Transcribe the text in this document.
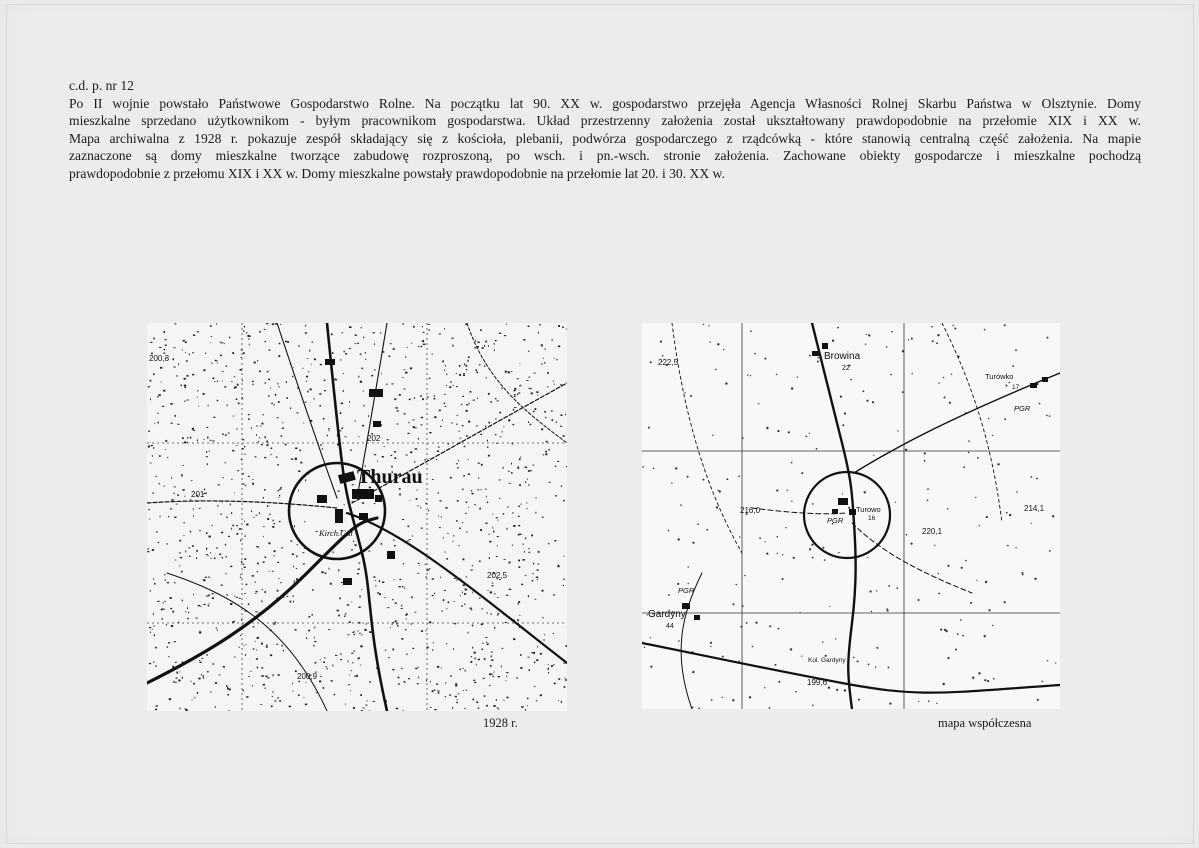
c.d. p. nr 12
Po II wojnie powstało Państwowe Gospodarstwo Rolne. Na początku lat 90. XX w. gospodarstwo przejęła Agencja Własności Rolnej Skarbu Państwa w Olsztynie. Domy
mieszkalne sprzedano użytkownikom - byłym pracownikom gospodarstwa. Układ przestrzenny założenia został ukształtowany prawdopodobnie na przełomie XIX i XX w.
Mapa archiwalna z 1928 r. pokazuje zespół składający się z kościoła, plebanii, podwórza gospodarczego z rządcówką - które stanowią centralną część założenia. Na mapie
zaznaczone są domy mieszkalne tworzące zabudowę rozproszoną, po wsch. i pn.-wsch. stronie założenia. Zachowane obiekty gospodarcze i mieszkalne pochodzą
prawdopodobnie z przełomu XIX i XX w. Domy mieszkalne powstały prawdopodobnie na przełomie lat 20. i 30. XX w.
Thurau
Kirch.Gut
200,3
202
201
202,5
200,9
1928 r.
Browina
22
Turówko
17
PGR
Turowo
16
PGR
PGR
Gardyny
44
Kol. Gardyny
222,5
216,0
220,1
214,1
199,6
mapa współczesna
